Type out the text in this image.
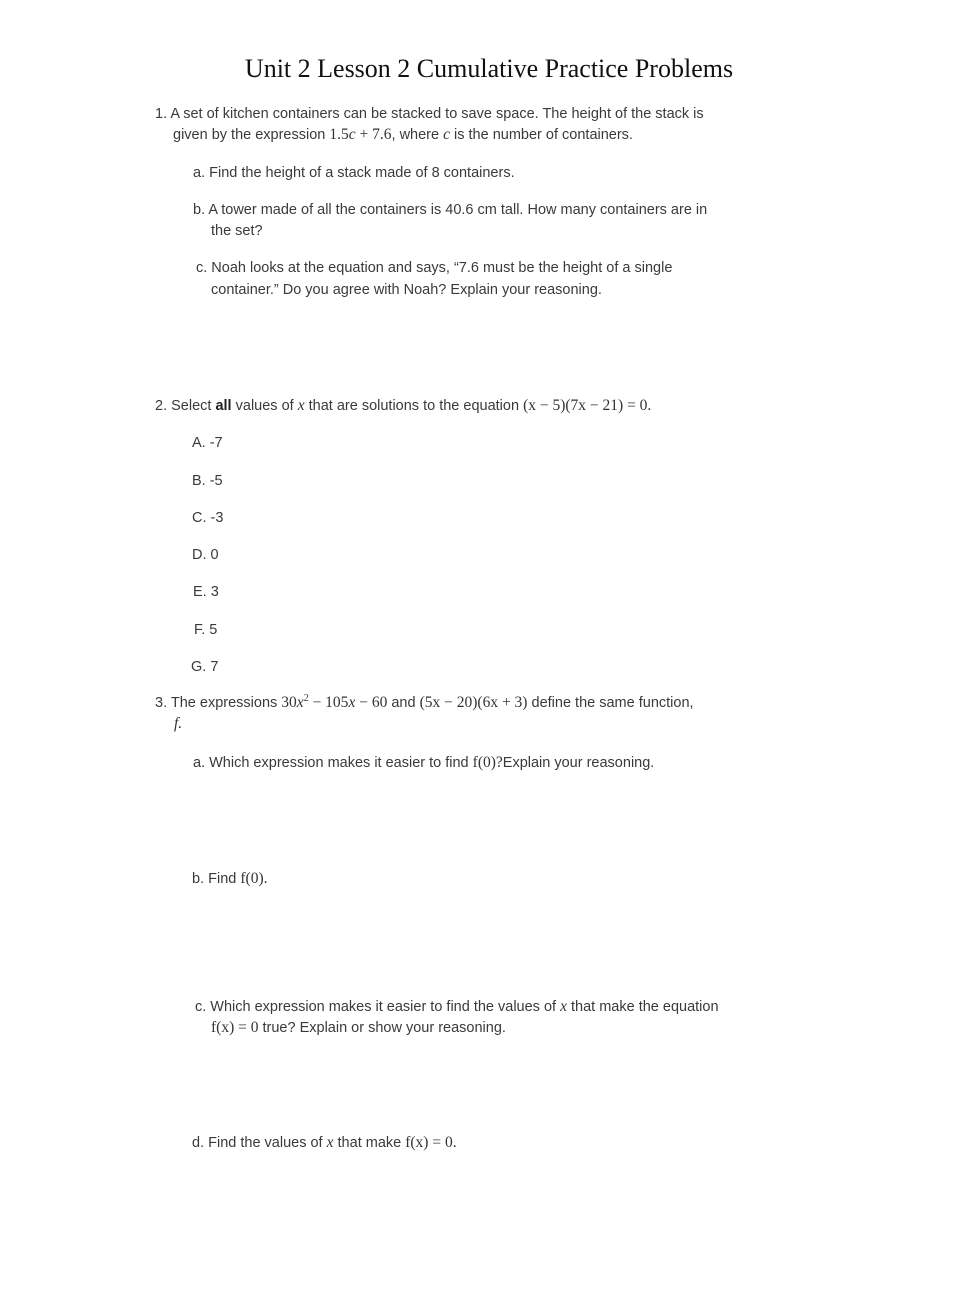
Unit 2 Lesson 2 Cumulative Practice Problems
1. A set of kitchen containers can be stacked to save space. The height of the stack is
given by the expression 1.5c + 7.6, where c is the number of containers.
a. Find the height of a stack made of 8 containers.
b. A tower made of all the containers is 40.6 cm tall. How many containers are in
the set?
c. Noah looks at the equation and says, “7.6 must be the height of a single
container.” Do you agree with Noah? Explain your reasoning.
2. Select all values of x that are solutions to the equation (x − 5)(7x − 21) = 0.
A. -7
B. -5
C. -3
D. 0
E. 3
F. 5
G. 7
3. The expressions $30x^2 - 105x - 60$ and (5x − 20)(6x + 3) define the same function,
f.
a. Which expression makes it easier to find f(0)?Explain your reasoning.
b. Find f(0).
c. Which expression makes it easier to find the values of x that make the equation
f(x) = 0 true? Explain or show your reasoning.
d. Find the values of x that make f(x) = 0.
